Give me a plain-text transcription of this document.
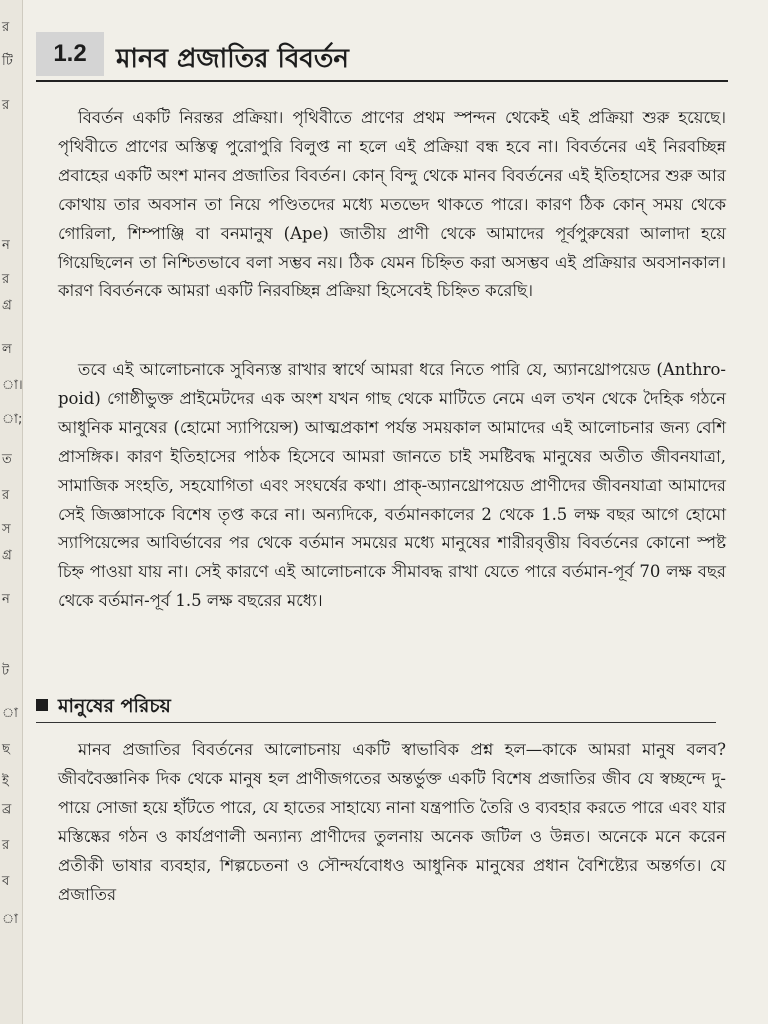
র
টি
র
ন
র
গ্র
ল
া।
া;
ত
র
স
গ্র
ন
ট
া
ছ
ই
ব্র
র
ব
া
1.2	মানব প্রজাতির বিবর্তন
বিবর্তন একটি নিরন্তর প্রক্রিয়া। পৃথিবীতে প্রাণের প্রথম স্পন্দন থেকেই এই প্রক্রিয়া শুরু হয়েছে। পৃথিবীতে প্রাণের অস্তিত্ব পুরোপুরি বিলুপ্ত না হলে এই প্রক্রিয়া বন্ধ হবে না। বিবর্তনের এই নিরবচ্ছিন্ন প্রবাহের একটি অংশ মানব প্রজাতির বিবর্তন। কোন্ বিন্দু থেকে মানব বিবর্তনের এই ইতিহাসের শুরু আর কোথায় তার অবসান তা নিয়ে পণ্ডিতদের মধ্যে মতভেদ থাকতে পারে। কারণ ঠিক কোন্ সময় থেকে গোরিলা, শিম্পাঞ্জি বা বনমানুষ (Ape) জাতীয় প্রাণী থেকে আমাদের পূর্বপুরুষেরা আলাদা হয়ে গিয়েছিলেন তা নিশ্চিতভাবে বলা সম্ভব নয়। ঠিক যেমন চিহ্নিত করা অসম্ভব এই প্রক্রিয়ার অবসানকাল। কারণ বিবর্তনকে আমরা একটি নিরবচ্ছিন্ন প্রক্রিয়া হিসেবেই চিহ্নিত করেছি।
তবে এই আলোচনাকে সুবিন্যস্ত রাখার স্বার্থে আমরা ধরে নিতে পারি যে, অ্যানথ্রোপয়েড (Anthro-poid) গোষ্ঠীভুক্ত প্রাইমেটদের এক অংশ যখন গাছ থেকে মাটিতে নেমে এল তখন থেকে দৈহিক গঠনে আধুনিক মানুষের (হোমো স্যাপিয়েন্স) আত্মপ্রকাশ পর্যন্ত সময়কাল আমাদের এই আলোচনার জন্য বেশি প্রাসঙ্গিক। কারণ ইতিহাসের পাঠক হিসেবে আমরা জানতে চাই সমষ্টিবদ্ধ মানুষের অতীত জীবনযাত্রা, সামাজিক সংহতি, সহযোগিতা এবং সংঘর্ষের কথা। প্রাক্-অ্যানথ্রোপয়েড প্রাণীদের জীবনযাত্রা আমাদের সেই জিজ্ঞাসাকে বিশেষ তৃপ্ত করে না। অন্যদিকে, বর্তমানকালের 2 থেকে 1.5 লক্ষ বছর আগে হোমো স্যাপিয়েন্সের আবির্ভাবের পর থেকে বর্তমান সময়ের মধ্যে মানুষের শারীরবৃত্তীয় বিবর্তনের কোনো স্পষ্ট চিহ্ন পাওয়া যায় না। সেই কারণে এই আলোচনাকে সীমাবদ্ধ রাখা যেতে পারে বর্তমান-পূর্ব 70 লক্ষ বছর থেকে বর্তমান-পূর্ব 1.5 লক্ষ বছরের মধ্যে।
মানুষের পরিচয়
মানব প্রজাতির বিবর্তনের আলোচনায় একটি স্বাভাবিক প্রশ্ন হল—কাকে আমরা মানুষ বলব? জীববৈজ্ঞানিক দিক থেকে মানুষ হল প্রাণীজগতের অন্তর্ভুক্ত একটি বিশেষ প্রজাতির জীব যে স্বচ্ছন্দে দু-পায়ে সোজা হয়ে হাঁটতে পারে, যে হাতের সাহায্যে নানা যন্ত্রপাতি তৈরি ও ব্যবহার করতে পারে এবং যার মস্তিষ্কের গঠন ও কার্যপ্রণালী অন্যান্য প্রাণীদের তুলনায় অনেক জটিল ও উন্নত। অনেকে মনে করেন প্রতীকী ভাষার ব্যবহার, শিল্পচেতনা ও সৌন্দর্যবোধও আধুনিক মানুষের প্রধান বৈশিষ্ট্যের অন্তর্গত। যে প্রজাতির
